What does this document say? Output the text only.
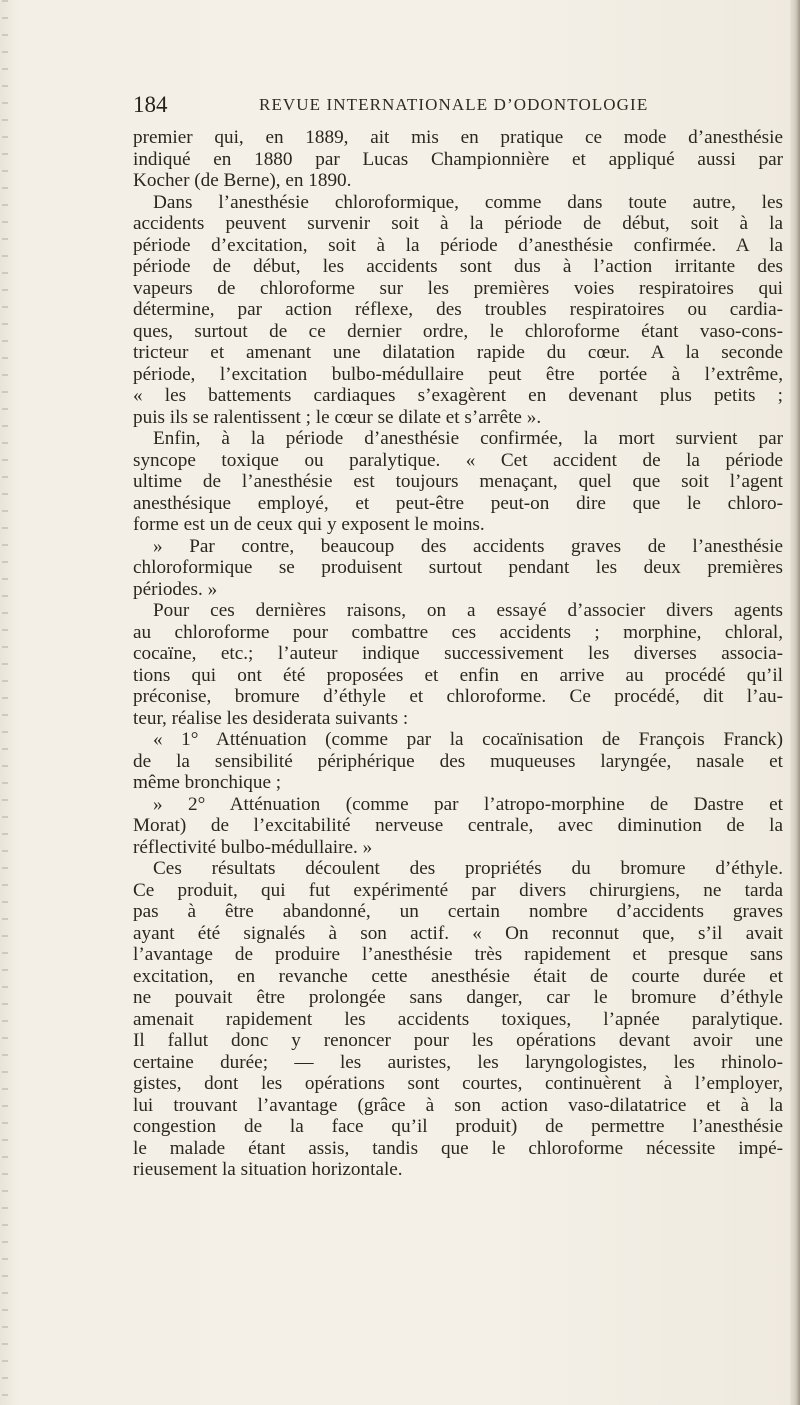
184	REVUE INTERNATIONALE D’ODONTOLOGIE
premier qui, en 1889, ait mis en pratique ce mode d’anesthésie
indiqué en 1880 par Lucas Championnière et appliqué aussi par
Kocher (de Berne), en 1890.
Dans l’anesthésie chloroformique, comme dans toute autre, les
accidents peuvent survenir soit à la période de début, soit à la
période d’excitation, soit à la période d’anesthésie confirmée. A la
période de début, les accidents sont dus à l’action irritante des
vapeurs de chloroforme sur les premières voies respiratoires qui
détermine, par action réflexe, des troubles respiratoires ou cardia-
ques, surtout de ce dernier ordre, le chloroforme étant vaso-cons-
tricteur et amenant une dilatation rapide du cœur. A la seconde
période, l’excitation bulbo-médullaire peut être portée à l’extrême,
« les battements cardiaques s’exagèrent en devenant plus petits ;
puis ils se ralentissent ; le cœur se dilate et s’arrête ».
Enfin, à la période d’anesthésie confirmée, la mort survient par
syncope toxique ou paralytique. « Cet accident de la période
ultime de l’anesthésie est toujours menaçant, quel que soit l’agent
anesthésique employé, et peut-être peut-on dire que le chloro-
forme est un de ceux qui y exposent le moins.
» Par contre, beaucoup des accidents graves de l’anesthésie
chloroformique se produisent surtout pendant les deux premières
périodes. »
Pour ces dernières raisons, on a essayé d’associer divers agents
au chloroforme pour combattre ces accidents ; morphine, chloral,
cocaïne, etc.; l’auteur indique successivement les diverses associa-
tions qui ont été proposées et enfin en arrive au procédé qu’il
préconise, bromure d’éthyle et chloroforme. Ce procédé, dit l’au-
teur, réalise les desiderata suivants :
« 1° Atténuation (comme par la cocaïnisation de François Franck)
de la sensibilité périphérique des muqueuses laryngée, nasale et
même bronchique ;
» 2° Atténuation (comme par l’atropo-morphine de Dastre et
Morat) de l’excitabilité nerveuse centrale, avec diminution de la
réflectivité bulbo-médullaire. »
Ces résultats découlent des propriétés du bromure d’éthyle.
Ce produit, qui fut expérimenté par divers chirurgiens, ne tarda
pas à être abandonné, un certain nombre d’accidents graves
ayant été signalés à son actif. « On reconnut que, s’il avait
l’avantage de produire l’anesthésie très rapidement et presque sans
excitation, en revanche cette anesthésie était de courte durée et
ne pouvait être prolongée sans danger, car le bromure d’éthyle
amenait rapidement les accidents toxiques, l’apnée paralytique.
Il fallut donc y renoncer pour les opérations devant avoir une
certaine durée; — les auristes, les laryngologistes, les rhinolo-
gistes, dont les opérations sont courtes, continuèrent à l’employer,
lui trouvant l’avantage (grâce à son action vaso-dilatatrice et à la
congestion de la face qu’il produit) de permettre l’anesthésie
le malade étant assis, tandis que le chloroforme nécessite impé-
rieusement la situation horizontale.
